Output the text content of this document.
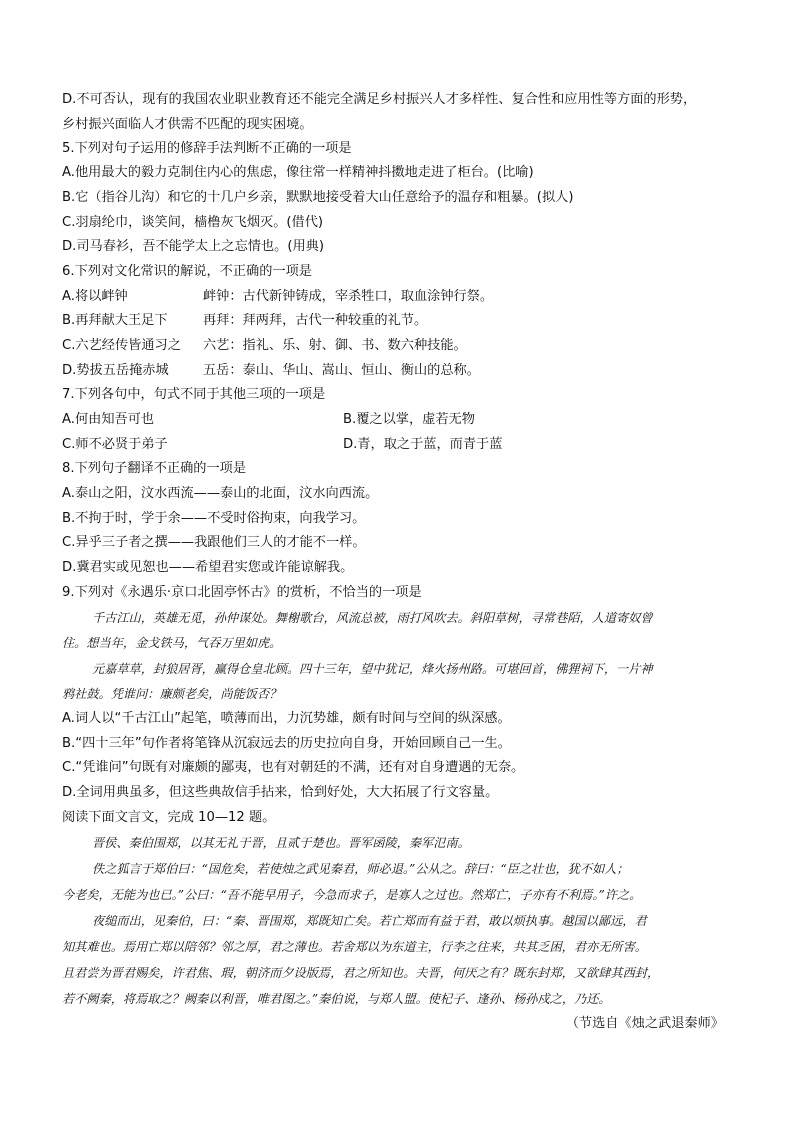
D.不可否认，现有的我国农业职业教育还不能完全满足乡村振兴人才多样性、复合性和应用性等方面的形势，
乡村振兴面临人才供需不匹配的现实困境。
5.下列对句子运用的修辞手法判断不正确的一项是
A.他用最大的毅力克制住内心的焦虑，像往常一样精神抖擞地走进了柜台。(比喻)
B.它（指谷儿沟）和它的十几户乡亲，默默地接受着大山任意给予的温存和粗暴。(拟人)
C.羽扇纶巾，谈笑间，樯橹灰飞烟灭。(借代)
D.司马春衫，吾不能学太上之忘情也。(用典)
6.下列对文化常识的解说，不正确的一项是
A.将以衅钟	衅钟：古代新钟铸成，宰杀牲口，取血涂钟行祭。
B.再拜献大王足下	再拜：拜两拜，古代一种较重的礼节。
C.六艺经传皆通习之 六艺：指礼、乐、射、御、书、数六种技能。
D.势拔五岳掩赤城	五岳：泰山、华山、嵩山、恒山、衡山的总称。
7.下列各句中，句式不同于其他三项的一项是
A.何由知吾可也	B.覆之以掌，虚若无物
C.师不必贤于弟子	D.青，取之于蓝，而青于蓝
8.下列句子翻译不正确的一项是
A.泰山之阳，汶水西流——泰山的北面，汶水向西流。
B.不拘于时，学于余——不受时俗拘束，向我学习。
C.异乎三子者之撰——我跟他们三人的才能不一样。
D.冀君实或见恕也——希望君实您或许能谅解我。
9.下列对《永遇乐·京口北固亭怀古》的赏析，不恰当的一项是
千古江山，英雄无觅，孙仲谋处。舞榭歌台，风流总被，雨打风吹去。斜阳草树，寻常巷陌，人道寄奴曾
住。想当年，金戈铁马，气吞万里如虎。
元嘉草草，封狼居胥，赢得仓皇北顾。四十三年，望中犹记，烽火扬州路。可堪回首，佛狸祠下，一片神
鸦社鼓。凭谁问：廉颇老矣，尚能饭否？
A.词人以“千古江山”起笔，喷薄而出，力沉势雄，颇有时间与空间的纵深感。
B.“四十三年”句作者将笔锋从沉寂远去的历史拉向自身，开始回顾自己一生。
C.“凭谁问”句既有对廉颇的鄙夷，也有对朝廷的不满，还有对自身遭遇的无奈。
D.全词用典虽多，但这些典故信手拈来，恰到好处，大大拓展了行文容量。
阅读下面文言文，完成 10—12 题。
晋侯、秦伯围郑，以其无礼于晋，且贰于楚也。晋军函陵，秦军氾南。
佚之狐言于郑伯曰：“国危矣，若使烛之武见秦君，师必退。”公从之。辞曰：“臣之壮也，犹不如人；
今老矣，无能为也已。”公曰：“吾不能早用子，今急而求子，是寡人之过也。然郑亡，子亦有不利焉。”许之。
夜缒而出，见秦伯，曰：“秦、晋围郑，郑既知亡矣。若亡郑而有益于君，敢以烦执事。越国以鄙远，君
知其难也。焉用亡郑以陪邻？邻之厚，君之薄也。若舍郑以为东道主，行李之往来，共其乏困，君亦无所害。
且君尝为晋君赐矣，许君焦、瑕，朝济而夕设版焉，君之所知也。夫晋，何厌之有？既东封郑，又欲肆其西封，
若不阙秦，将焉取之？阙秦以利晋，唯君图之。”秦伯说，与郑人盟。使杞子、逢孙、杨孙戍之，乃还。
（节选自《烛之武退秦师》
